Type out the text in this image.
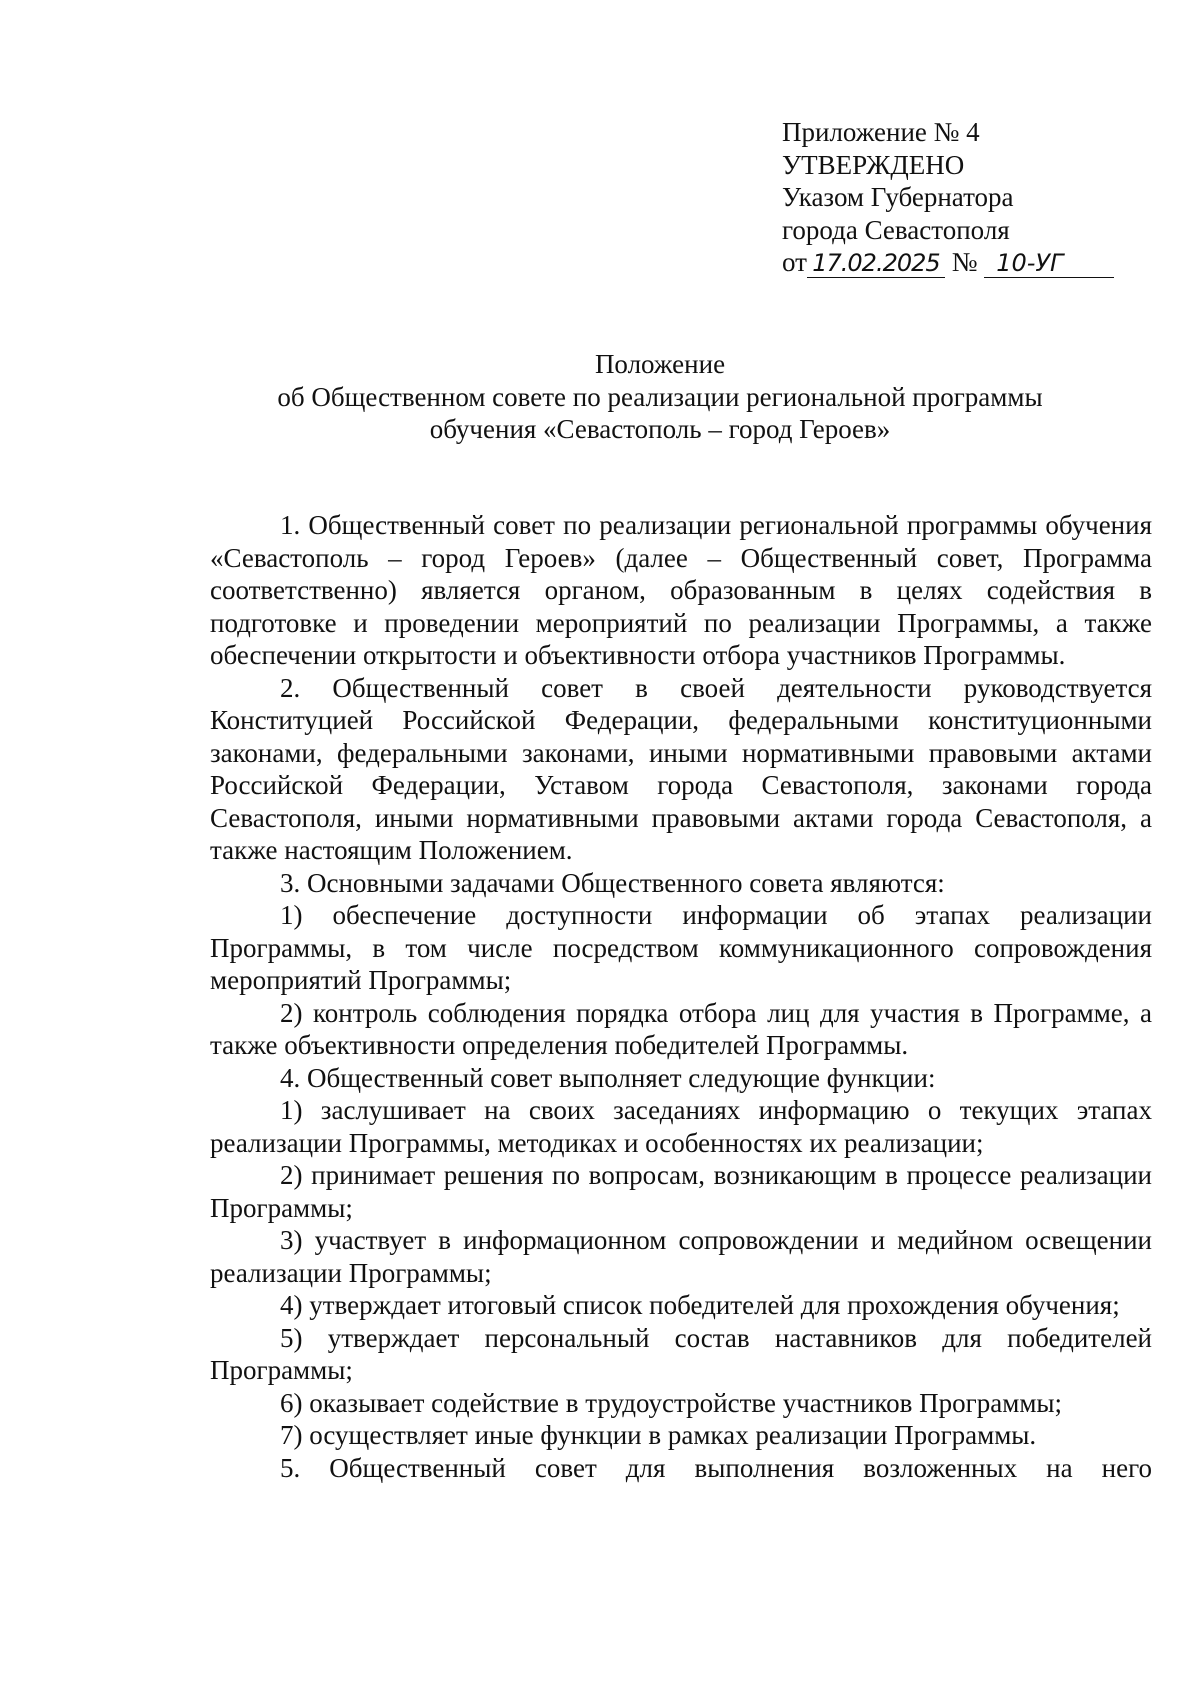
Приложение № 4
УТВЕРЖДЕНО
Указом Губернатора
города Севастополя
от 17.02.2025 № 10-УГ
Положение
об Общественном совете по реализации региональной программы
обучения «Севастополь – город Героев»

1. Общественный совет по реализации региональной программы обучения «Севастополь – город Героев» (далее – Общественный совет, Программа соответственно) является органом, образованным в целях содействия в подготовке и проведении мероприятий по реализации Программы, а также обеспечении открытости и объективности отбора участников Программы.

2. Общественный совет в своей деятельности руководствуется Конституцией Российской Федерации, федеральными конституционными законами, федеральными законами, иными нормативными правовыми актами Российской Федерации, Уставом города Севастополя, законами города Севастополя, иными нормативными правовыми актами города Севастополя, а также настоящим Положением.

3. Основными задачами Общественного совета являются:

1) обеспечение доступности информации об этапах реализации Программы, в том числе посредством коммуникационного сопровождения мероприятий Программы;

2) контроль соблюдения порядка отбора лиц для участия в Программе, а также объективности определения победителей Программы.

4. Общественный совет выполняет следующие функции:

1) заслушивает на своих заседаниях информацию о текущих этапах реализации Программы, методиках и особенностях их реализации;

2) принимает решения по вопросам, возникающим в процессе реализации Программы;

3) участвует в информационном сопровождении и медийном освещении реализации Программы;

4) утверждает итоговый список победителей для прохождения обучения;

5) утверждает персональный состав наставников для победителей Программы;

6) оказывает содействие в трудоустройстве участников Программы;

7) осуществляет иные функции в рамках реализации Программы.

5. Общественный совет для выполнения возложенных на него
